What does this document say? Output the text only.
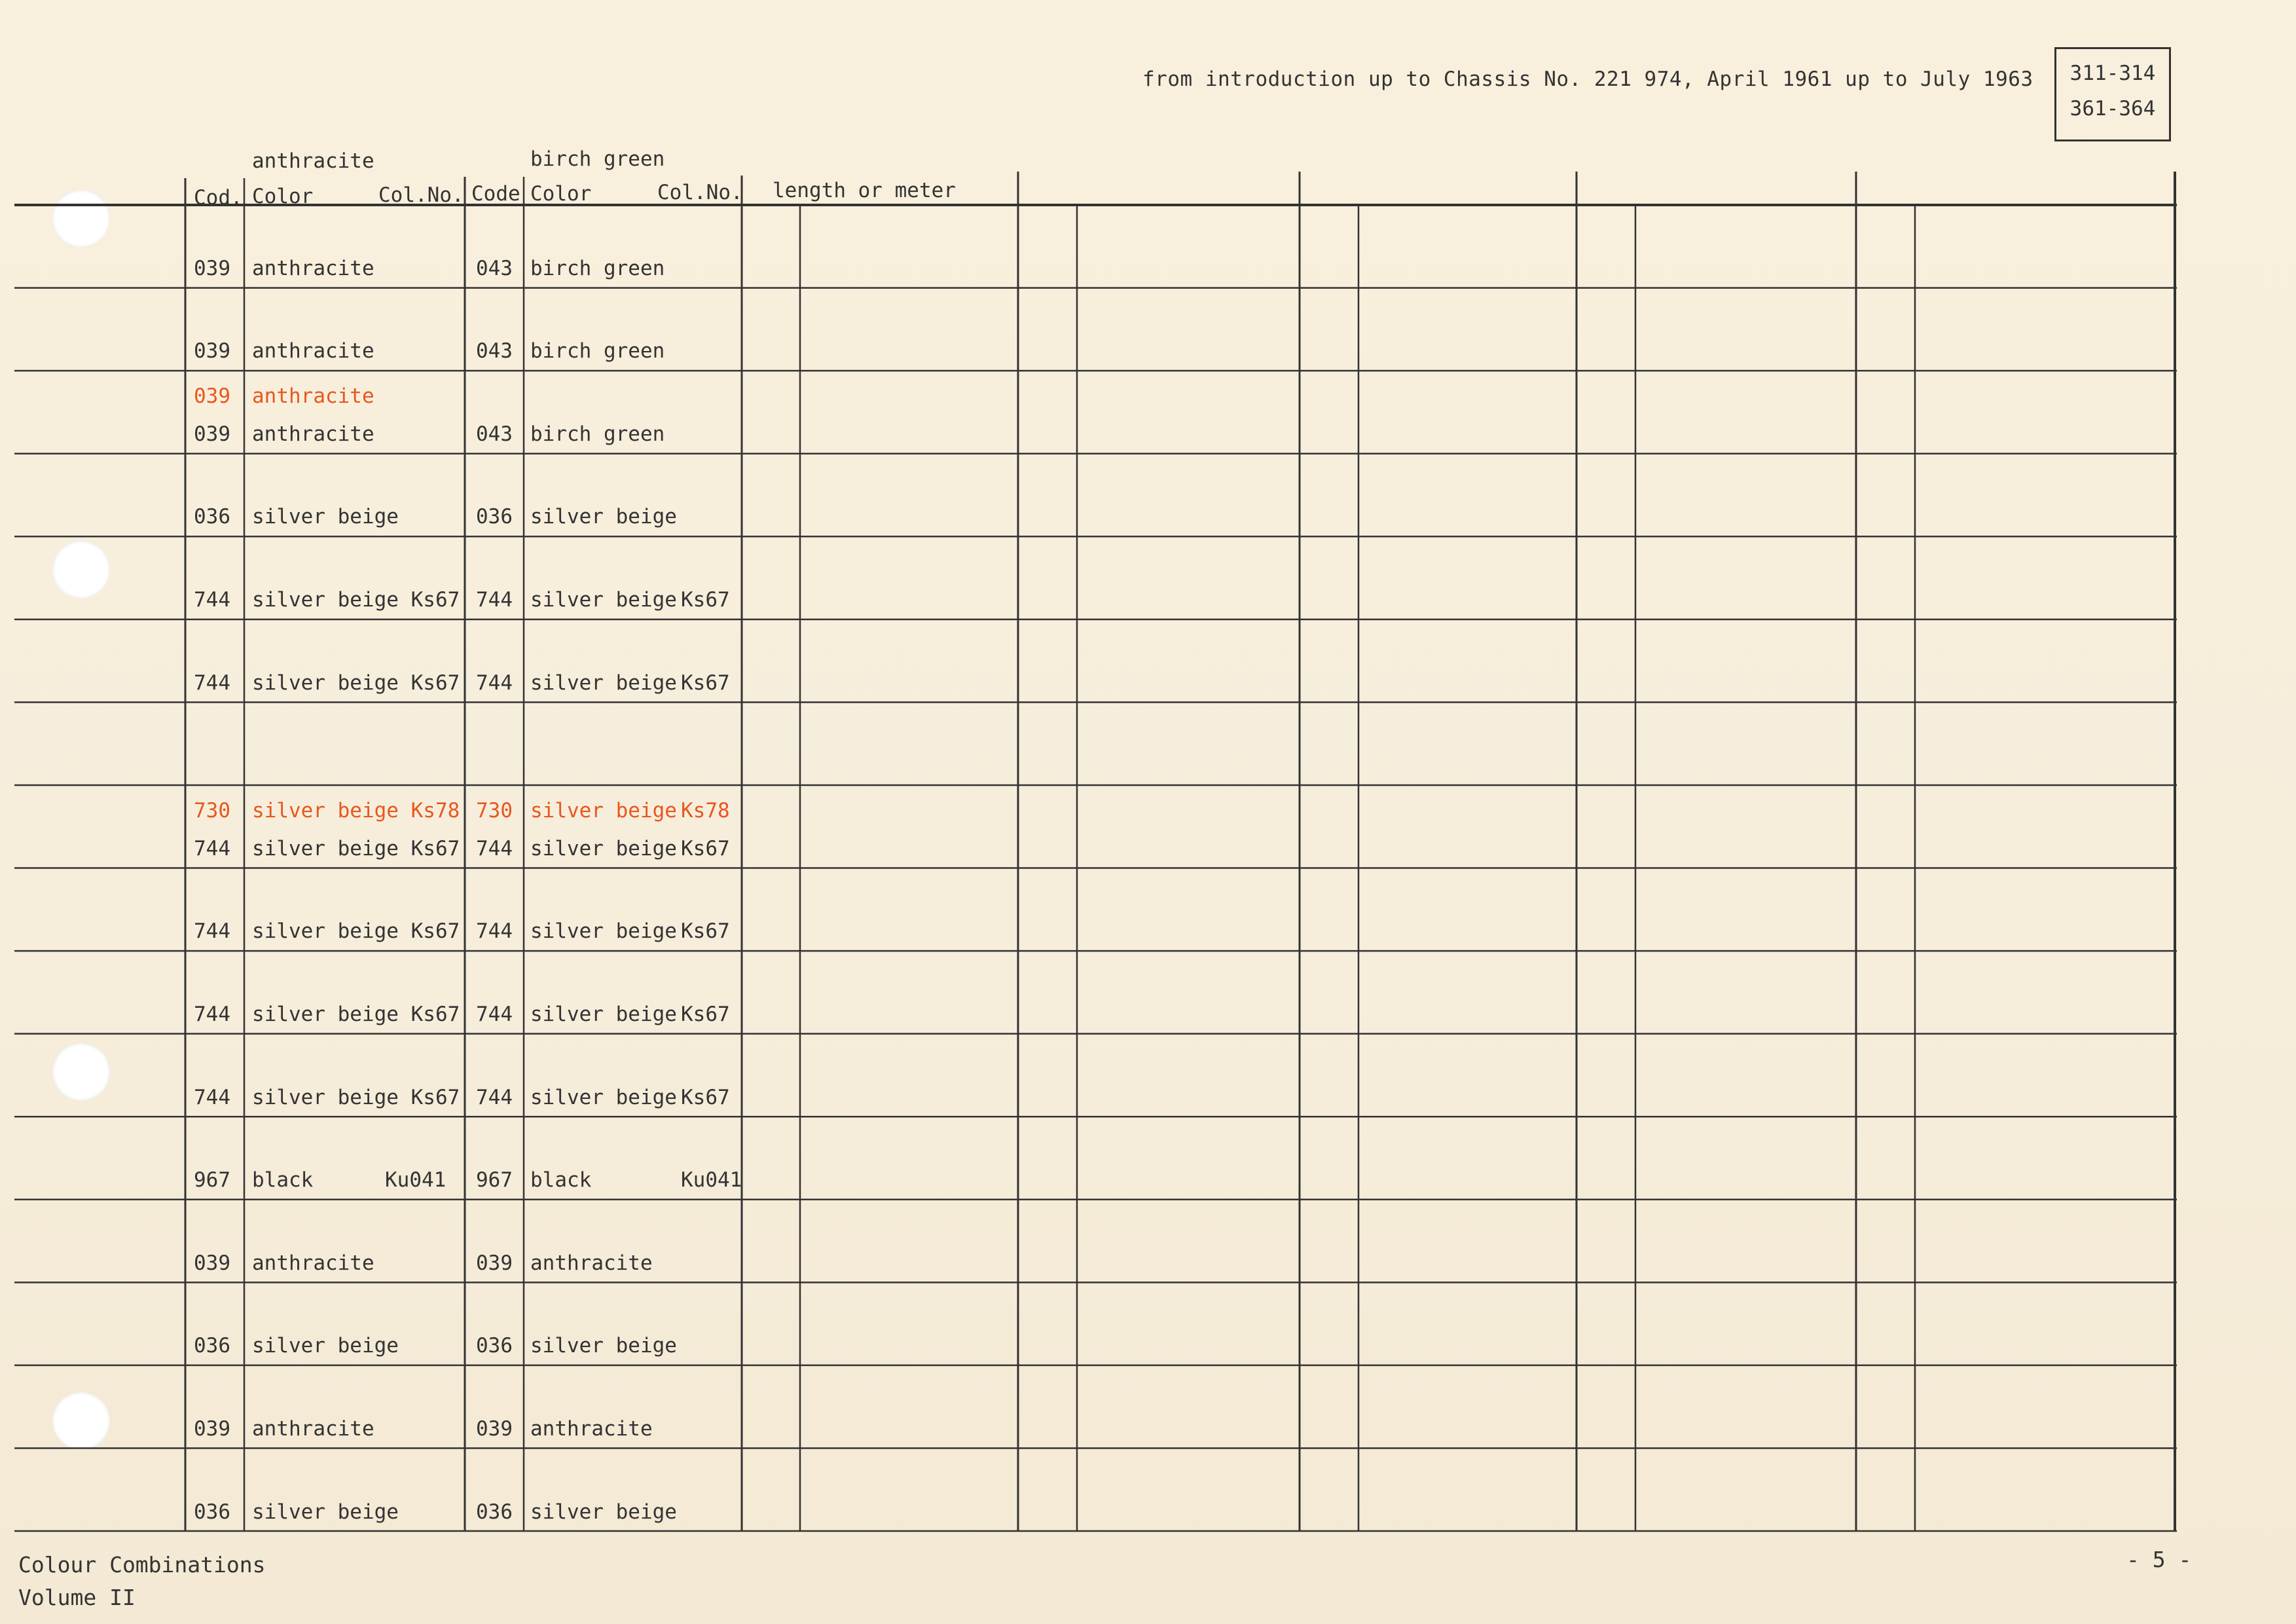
from introduction up to Chassis No. 221 974, April 1961 up to July 1963	311-314
361-364
anthracite	birch green
Cod. Color	Col.No. Code Color	Col.No. length or meter
039 anthracite	043 birch green
039 anthracite	043 birch green
039 anthracite
039 anthracite	043 birch green
036 silver beige	036 silver beige
744 silver beige Ks67 744 silver beige Ks67
744 silver beige Ks67 744 silver beige Ks67
730 silver beige Ks78 730 silver beige Ks78
744 silver beige Ks67 744 silver beige Ks67
744 silver beige Ks67 744 silver beige Ks67
744 silver beige Ks67 744 silver beige Ks67
744 silver beige Ks67 744 silver beige Ks67
967 black	Ku041 967 black	Ku041
039 anthracite	039 anthracite
036 silver beige	036 silver beige
039 anthracite	039 anthracite
036 silver beige	036 silver beige
Colour Combinations
Volume II
- 5 -
